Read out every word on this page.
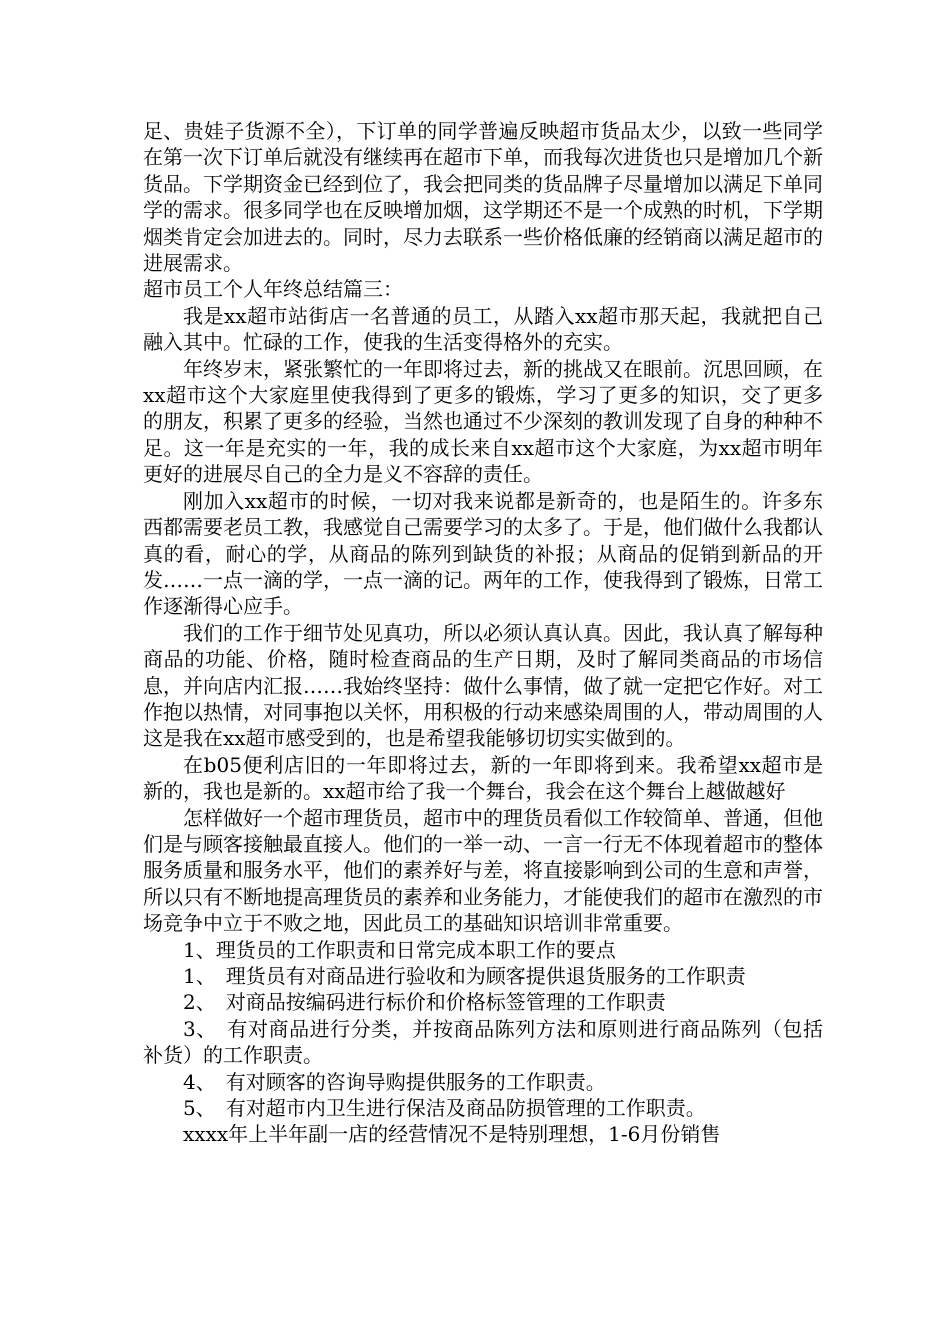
足、贵娃子货源不全），下订单的同学普遍反映超市货品太少，以致一些同学在第一次下订单后就没有继续再在超市下单，而我每次进货也只是增加几个新货品。下学期资金已经到位了，我会把同类的货品牌子尽量增加以满足下单同学的需求。很多同学也在反映增加烟，这学期还不是一个成熟的时机，下学期烟类肯定会加进去的。同时，尽力去联系一些价格低廉的经销商以满足超市的进展需求。

超市员工个人年终总结篇三：

我是xx超市站街店一名普通的员工，从踏入xx超市那天起，我就把自己融入其中。忙碌的工作，使我的生活变得格外的充实。

年终岁末，紧张繁忙的一年即将过去，新的挑战又在眼前。沉思回顾，在xx超市这个大家庭里使我得到了更多的锻炼，学习了更多的知识，交了更多的朋友，积累了更多的经验，当然也通过不少深刻的教训发现了自身的种种不足。这一年是充实的一年，我的成长来自xx超市这个大家庭，为xx超市明年更好的进展尽自己的全力是义不容辞的责任。

刚加入xx超市的时候，一切对我来说都是新奇的，也是陌生的。许多东西都需要老员工教，我感觉自己需要学习的太多了。于是，他们做什么我都认真的看，耐心的学，从商品的陈列到缺货的补报；从商品的促销到新品的开发……一点一滴的学，一点一滴的记。两年的工作，使我得到了锻炼，日常工作逐渐得心应手。

我们的工作于细节处见真功，所以必须认真认真。因此，我认真了解每种商品的功能、价格，随时检查商品的生产日期，及时了解同类商品的市场信息，并向店内汇报……我始终坚持：做什么事情，做了就一定把它作好。对工作抱以热情，对同事抱以关怀，用积极的行动来感染周围的人，带动周围的人这是我在xx超市感受到的，也是希望我能够切切实实做到的。

在b05便利店旧的一年即将过去，新的一年即将到来。我希望xx超市是新的，我也是新的。xx超市给了我一个舞台，我会在这个舞台上越做越好

怎样做好一个超市理货员，超市中的理货员看似工作较简单、普通，但他们是与顾客接触最直接人。他们的一举一动、一言一行无不体现着超市的整体服务质量和服务水平，他们的素养好与差，将直接影响到公司的生意和声誉，所以只有不断地提高理货员的素养和业务能力，才能使我们的超市在激烈的市场竞争中立于不败之地，因此员工的基础知识培训非常重要。

1、理货员的工作职责和日常完成本职工作的要点

1、　理货员有对商品进行验收和为顾客提供退货服务的工作职责

2、　对商品按编码进行标价和价格标签管理的工作职责

3、　有对商品进行分类，并按商品陈列方法和原则进行商品陈列（包括补货）的工作职责。

4、　有对顾客的咨询导购提供服务的工作职责。

5、　有对超市内卫生进行保洁及商品防损管理的工作职责。

xxxx年上半年副一店的经营情况不是特别理想，1-6月份销售
